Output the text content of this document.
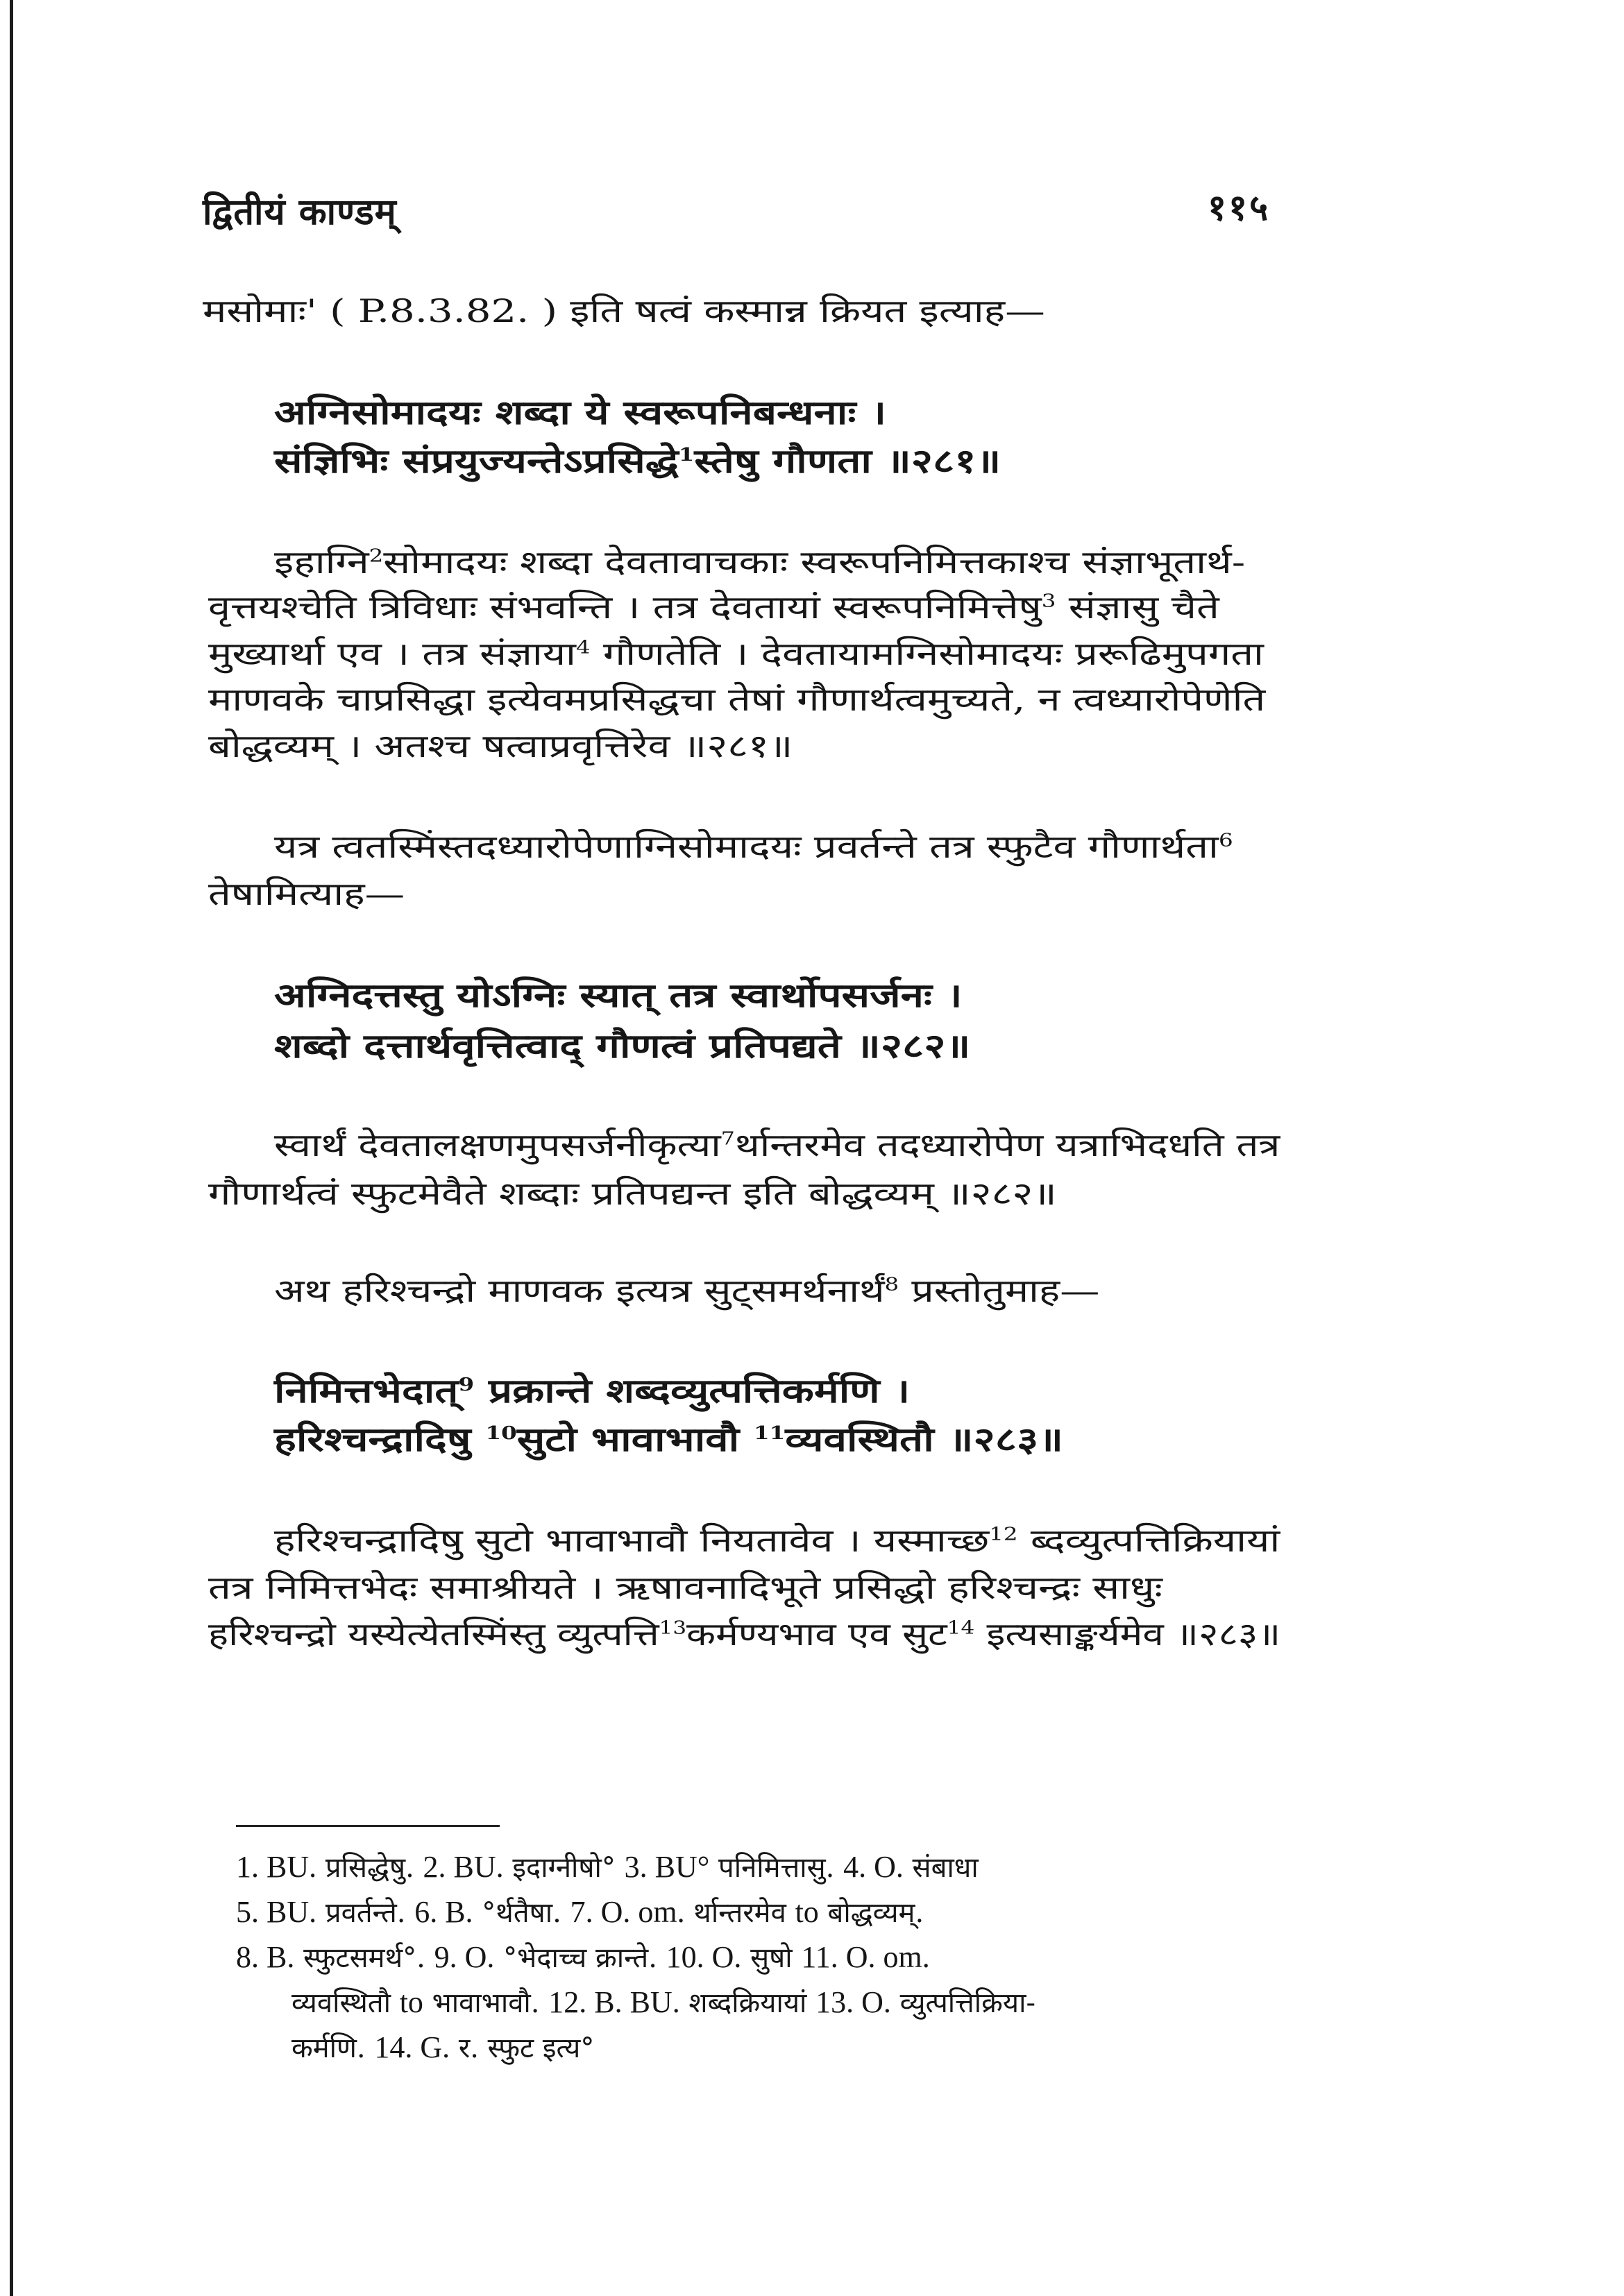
द्वितीयं काण्डम्	११५
मसोमाः' ( P.8.3.82. ) इति षत्वं कस्मान्न क्रियत इत्याह—
अग्निसोमादयः शब्दा ये स्वरूपनिबन्धनाः ।
संज्ञिभिः संप्रयुज्यन्तेऽप्रसिद्धे$^1$स्तेषु गौणता ॥२८१॥
इहाग्नि$^2$सोमादयः शब्दा देवतावाचकाः स्वरूपनिमित्तकाश्च संज्ञाभूतार्थ-
वृत्तयश्चेति त्रिविधाः संभवन्ति । तत्र देवतायां स्वरूपनिमित्तेषु$^3$ संज्ञासु चैते
मुख्यार्था एव । तत्र संज्ञाया$^4$ गौणतेति । देवतायामग्निसोमादयः प्ररूढिमुपगता
माणवके चाप्रसिद्धा इत्येवमप्रसिद्धचा तेषां गौणार्थत्वमुच्यते, न त्वध्यारोपेणेति
बोद्धव्यम् । अतश्च षत्वाप्रवृत्तिरेव ॥२८१॥
यत्र त्वतस्मिंस्तदध्यारोपेणाग्निसोमादयः प्रवर्तन्ते तत्र स्फुटैव गौणार्थता$^6$
तेषामित्याह—
अग्निदत्तस्तु योऽग्निः स्यात् तत्र स्वार्थोपसर्जनः ।
शब्दो दत्तार्थवृत्तित्वाद् गौणत्वं प्रतिपद्यते ॥२८२॥
स्वार्थं देवतालक्षणमुपसर्जनीकृत्या$^7$र्थान्तरमेव तदध्यारोपेण यत्राभिदधति तत्र
गौणार्थत्वं स्फुटमेवैते शब्दाः प्रतिपद्यन्त इति बोद्धव्यम् ॥२८२॥
अथ हरिश्चन्द्रो माणवक इत्यत्र सुट्समर्थनार्थं$^8$ प्रस्तोतुमाह—
निमित्तभेदात्$^9$ प्रक्रान्ते शब्दव्युत्पत्तिकर्मणि ।
हरिश्चन्द्रादिषु $^{10}$सुटो भावाभावौ $^{11}$व्यवस्थितौ ॥२८३॥
हरिश्चन्द्रादिषु सुटो भावाभावौ नियतावेव । यस्माच्छ$^{12}$ ब्दव्युत्पत्तिक्रियायां
तत्र निमित्तभेदः समाश्रीयते । ऋषावनादिभूते प्रसिद्धो हरिश्चन्द्रः साधुः
हरिश्चन्द्रो यस्येत्येतस्मिंस्तु व्युत्पत्ति$^{13}$कर्मण्यभाव एव सुट$^{14}$ इत्यसाङ्कर्यमेव ॥२८३॥
1. BU. प्रसिद्धेषु. 2. BU. इदाग्नीषो° 3. BU° पनिमित्तासु. 4. O. संबाधा
5. BU. प्रवर्तन्ते. 6. B. °र्थतैषा. 7. O. om. र्थान्तरमेव to बोद्धव्यम्.
8. B. स्फुटसमर्थ°. 9. O. °भेदाच्च क्रान्ते. 10. O. सुषो 11. O. om.
व्यवस्थितौ to भावाभावौ. 12. B. BU. शब्दक्रियायां 13. O. व्युत्पत्तिक्रिया-
कर्मणि. 14. G. र. स्फुट इत्य°
